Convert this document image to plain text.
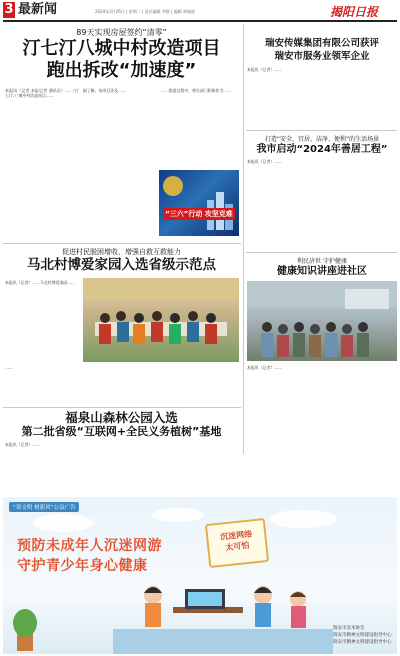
3 最新闻	2024年3月26日 | 星期二 | 责任编辑 李群 | 编辑 林瑞丽	揭阳日报
89天实现房屋签约“清零”
汀七汀八城中村改造项目
跑出拆改“加速度”
本报讯（记者 本报记者 通讯员）……“汀七汀八”城中村改造项目……
据了解，该项目涉及……	……推进过程中，相关部门积极作为……
“三六”行动 攻坚克难
促进村民脱困增收，增强自救互救能力
马北村博爱家园入选省级示范点
本报讯（记者）……马北村博爱家园……
……
福泉山森林公园入选
第二批省级“互联网+全民义务植树”基地
本报讯（记者）……
瑞安传媒集团有限公司获评
瑞安市服务业领军企业
本报讯（记者）……
打造“安全、宜居、洁净、便利”的生活场景
我市启动“2024年善居工程”
本报讯（记者）……
利民济世 守护健康
健康知识讲座进社区
本报讯（记者）……
“讲文明 树新风”公益广告
预防未成年人沉迷网游
守护青少年身心健康
沉迷网络
太可怕
瑞安市美术协会
瑞安市精神文明建设指导中心
瑞安市精神文明建设指导中心
